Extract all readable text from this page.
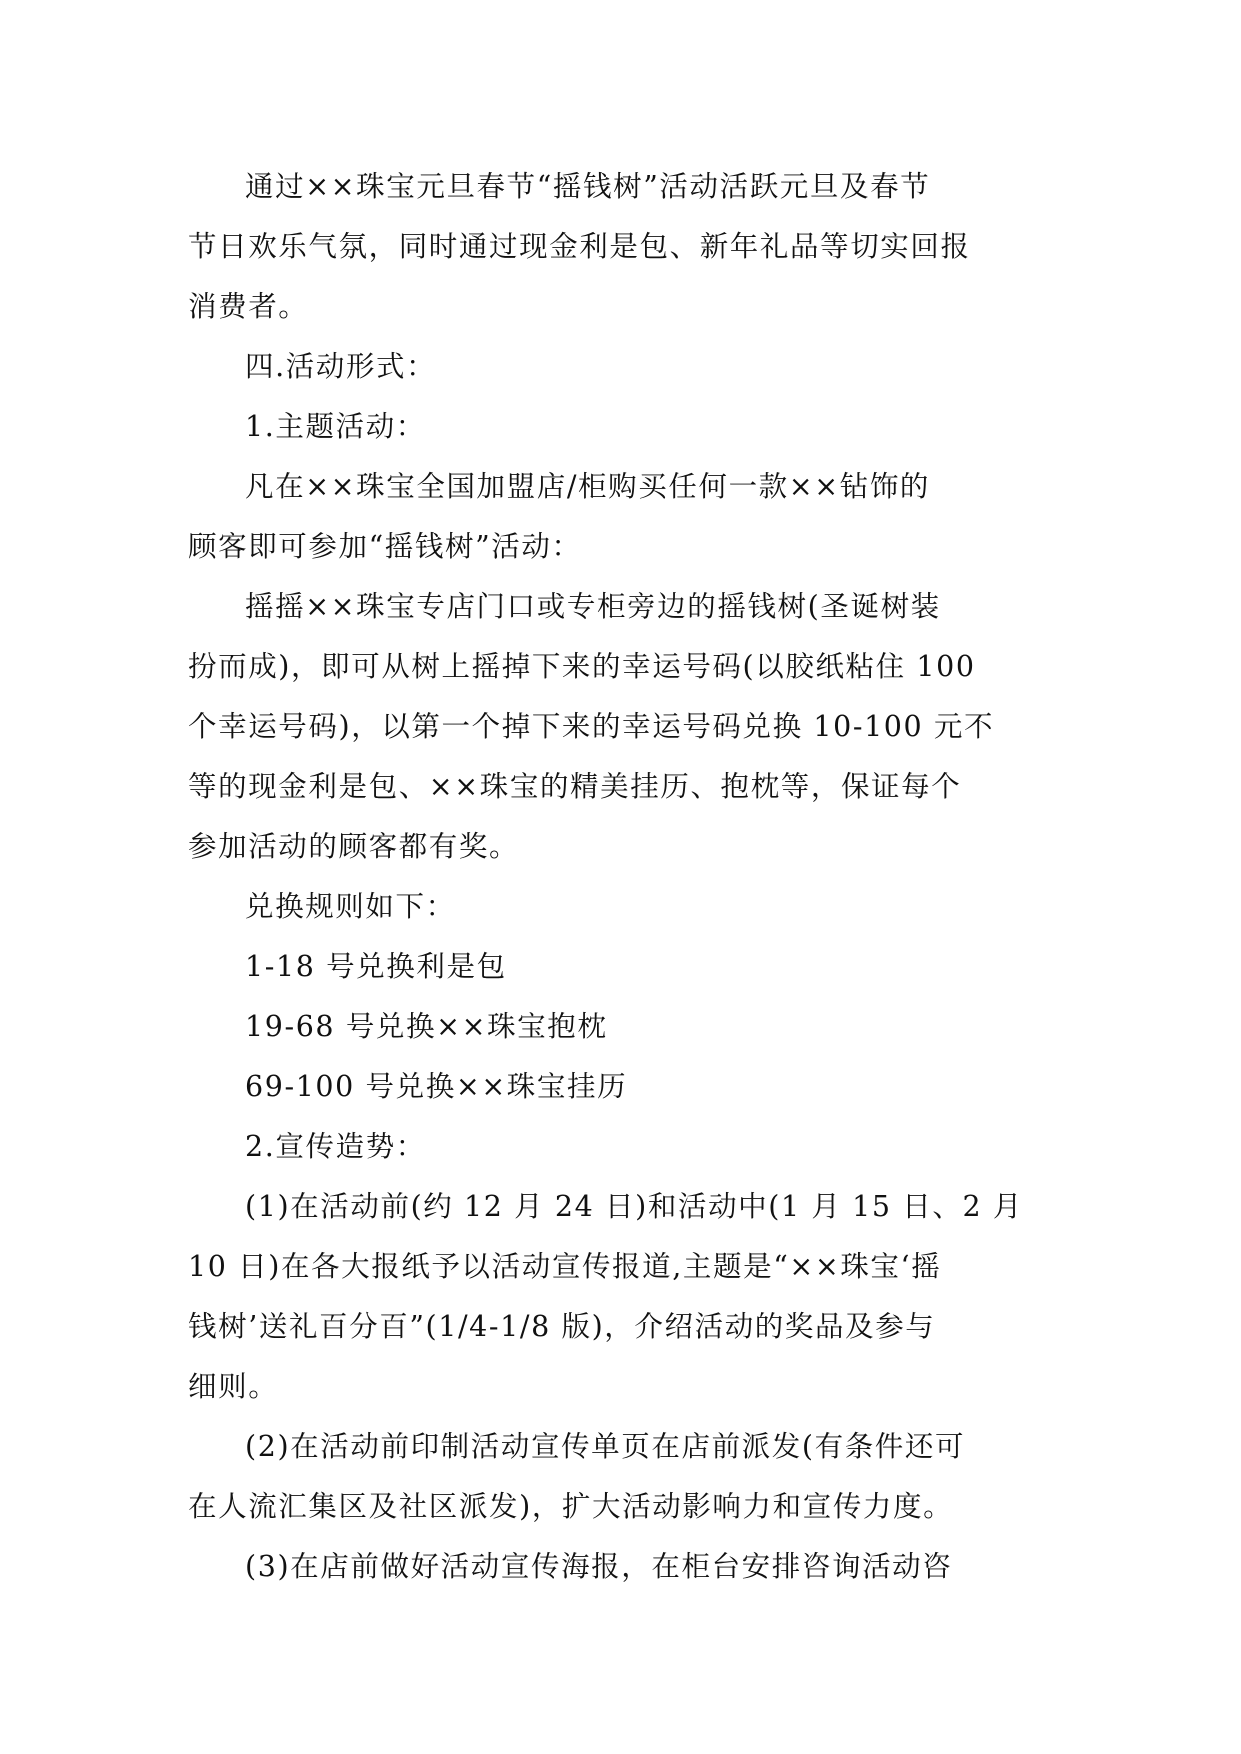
通过××珠宝元旦春节“摇钱树”活动活跃元旦及春节
节日欢乐气氛，同时通过现金利是包、新年礼品等切实回报
消费者。
四.活动形式：
1.主题活动：
凡在××珠宝全国加盟店/柜购买任何一款××钻饰的
顾客即可参加“摇钱树”活动：
摇摇××珠宝专店门口或专柜旁边的摇钱树(圣诞树装
扮而成)，即可从树上摇掉下来的幸运号码(以胶纸粘住 100
个幸运号码)，以第一个掉下来的幸运号码兑换 10-100 元不
等的现金利是包、××珠宝的精美挂历、抱枕等，保证每个
参加活动的顾客都有奖。
兑换规则如下：
1-18 号兑换利是包
19-68 号兑换××珠宝抱枕
69-100 号兑换××珠宝挂历
2.宣传造势：
(1)在活动前(约 12 月 24 日)和活动中(1 月 15 日、2 月
10 日)在各大报纸予以活动宣传报道,主题是“××珠宝‘摇
钱树’送礼百分百”(1/4-1/8 版)，介绍活动的奖品及参与
细则。
(2)在活动前印制活动宣传单页在店前派发(有条件还可
在人流汇集区及社区派发)，扩大活动影响力和宣传力度。
(3)在店前做好活动宣传海报，在柜台安排咨询活动咨
